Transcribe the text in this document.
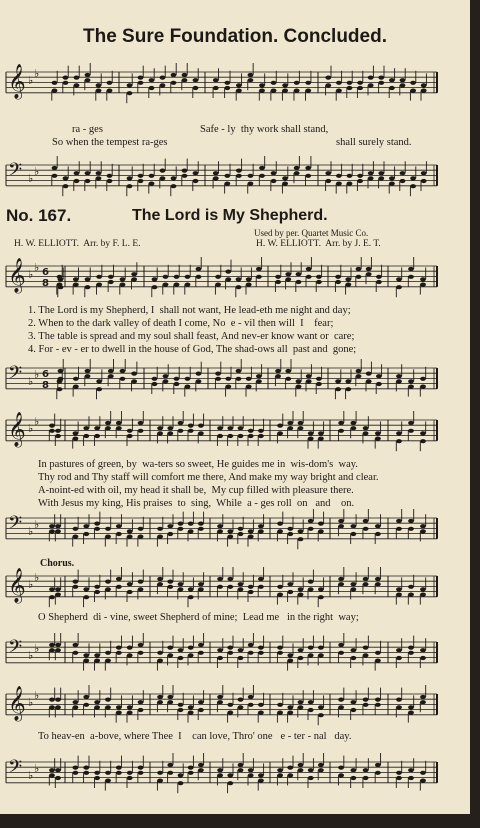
The Sure Foundation. Concluded.
ra - ges	Safe - ly  thy work shall stand,
So when the tempest ra-ges	shall surely stand.
No. 167.	The Lord is My Shepherd.
Used by per. Quartet Music Co.
H. W. ELLIOTT.  Arr. by F. L. E.	H. W. ELLIOTT.  Arr. by J. E. T.
1. The Lord is my Shepherd, I  shall not want, He lead-eth me night and day;
2. When to the dark valley of death I come, No  e - vil then will  I    fear;
3. The table is spread and my soul shall feast, And nev-er know want or  care;
4. For - ev - er to dwell in the house of God, The shad-ows all  past and  gone;
In pastures of green, by  wa-ters so sweet, He guides me in  wis-dom's  way.
Thy rod and Thy staff will comfort me there, And make my way bright and clear.
A-noint-ed with oil, my head it shall be,  My cup filled with pleasure there.
With Jesus my king, His praises  to  sing,  While  a - ges roll  on   and    on.
Chorus.
O Shepherd  di - vine, sweet Shepherd of mine;  Lead me   in the right  way;
To heav-en  a-bove, where Thee  I    can love, Thro' one   e - ter - nal   day.
𝄞 ♭
♭
𝄢 ♭
♭
𝄞 ♭
♭ 6
8
𝄢 ♭
♭ 6
8
𝄞 ♭
♭
𝄢 ♭
♭
𝄞 ♭
♭
𝄢 ♭
♭
𝄞 ♭
♭
𝄢 ♭
♭
